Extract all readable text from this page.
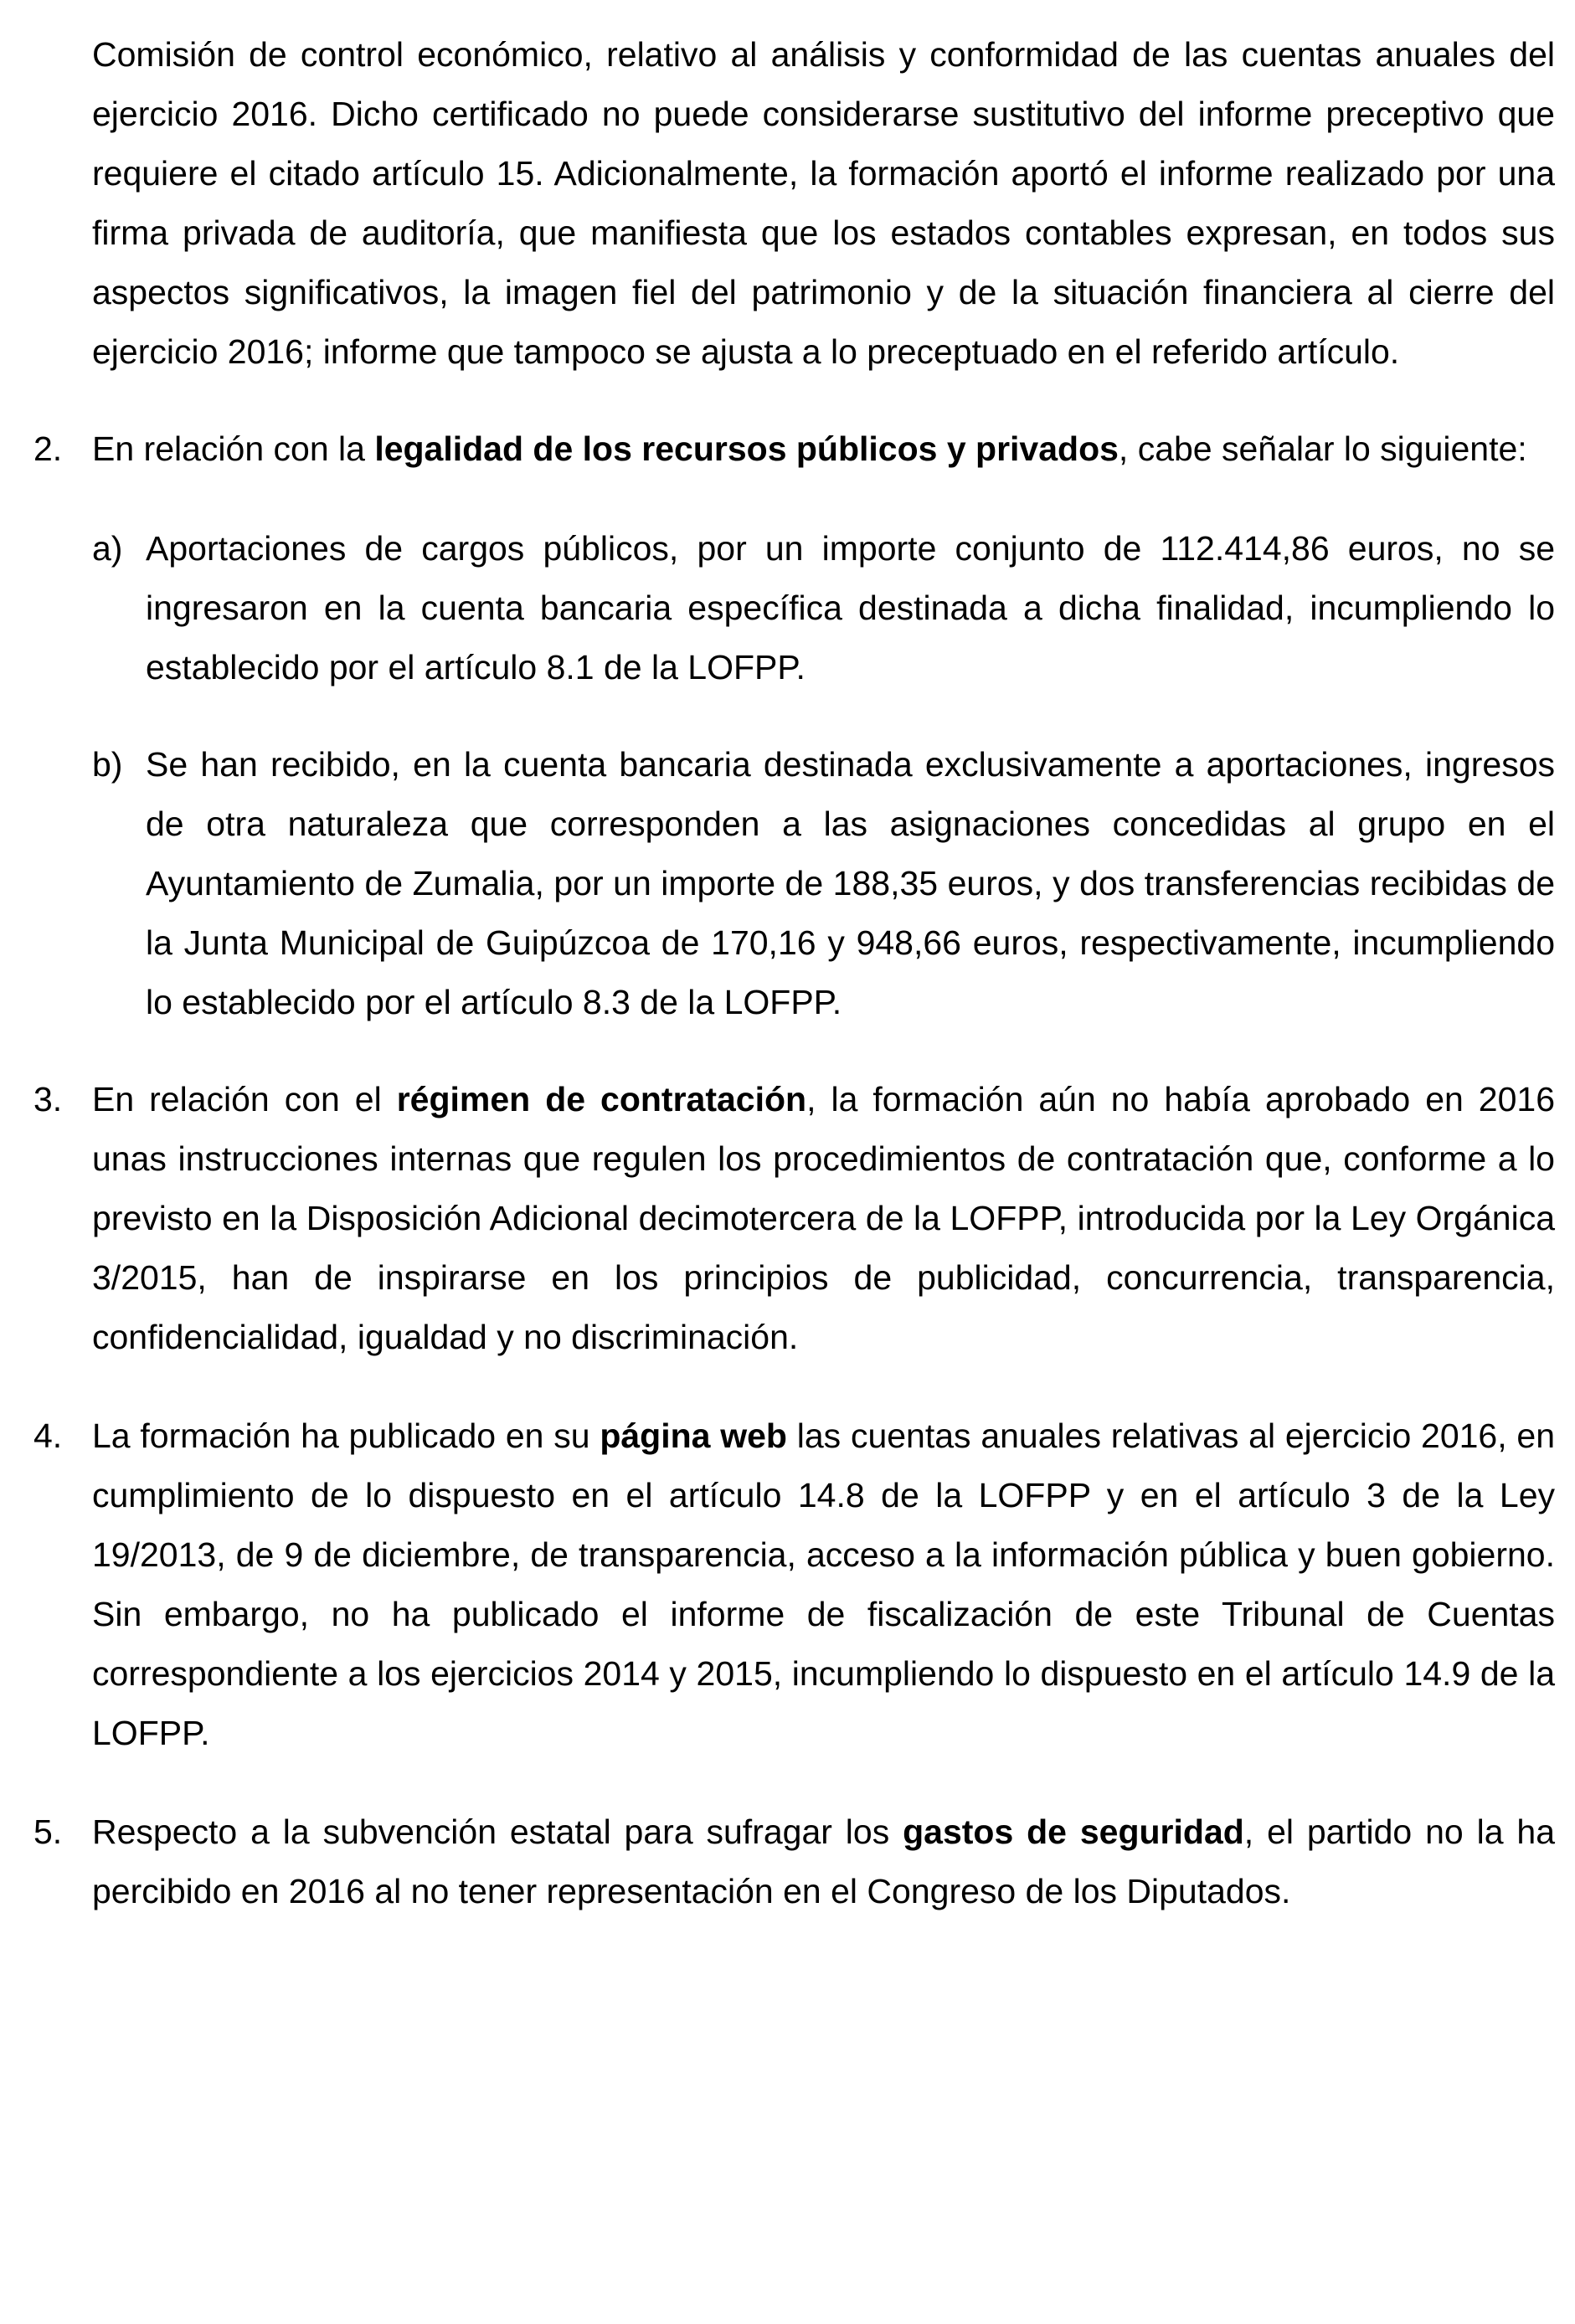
Comisión de control económico, relativo al análisis y conformidad de las cuentas anuales del ejercicio 2016. Dicho certificado no puede considerarse sustitutivo del informe preceptivo que requiere el citado artículo 15. Adicionalmente, la formación aportó el informe realizado por una firma privada de auditoría, que manifiesta que los estados contables expresan, en todos sus aspectos significativos, la imagen fiel del patrimonio y de la situación financiera al cierre del ejercicio 2016; informe que tampoco se ajusta a lo preceptuado en el referido artículo.

2. En relación con la legalidad de los recursos públicos y privados, cabe señalar lo siguiente:

a) Aportaciones de cargos públicos, por un importe conjunto de 112.414,86 euros, no se ingresaron en la cuenta bancaria específica destinada a dicha finalidad, incumpliendo lo establecido por el artículo 8.1 de la LOFPP.

b) Se han recibido, en la cuenta bancaria destinada exclusivamente a aportaciones, ingresos de otra naturaleza que corresponden a las asignaciones concedidas al grupo en el Ayuntamiento de Zumalia, por un importe de 188,35 euros, y dos transferencias recibidas de la Junta Municipal de Guipúzcoa de 170,16 y 948,66 euros, respectivamente, incumpliendo lo establecido por el artículo 8.3 de la LOFPP.

3. En relación con el régimen de contratación, la formación aún no había aprobado en 2016 unas instrucciones internas que regulen los procedimientos de contratación que, conforme a lo previsto en la Disposición Adicional decimotercera de la LOFPP, introducida por la Ley Orgánica 3/2015, han de inspirarse en los principios de publicidad, concurrencia, transparencia, confidencialidad, igualdad y no discriminación.

4. La formación ha publicado en su página web las cuentas anuales relativas al ejercicio 2016, en cumplimiento de lo dispuesto en el artículo 14.8 de la LOFPP y en el artículo 3 de la Ley 19/2013, de 9 de diciembre, de transparencia, acceso a la información pública y buen gobierno. Sin embargo, no ha publicado el informe de fiscalización de este Tribunal de Cuentas correspondiente a los ejercicios 2014 y 2015, incumpliendo lo dispuesto en el artículo 14.9 de la LOFPP.

5. Respecto a la subvención estatal para sufragar los gastos de seguridad, el partido no la ha percibido en 2016 al no tener representación en el Congreso de los Diputados.
